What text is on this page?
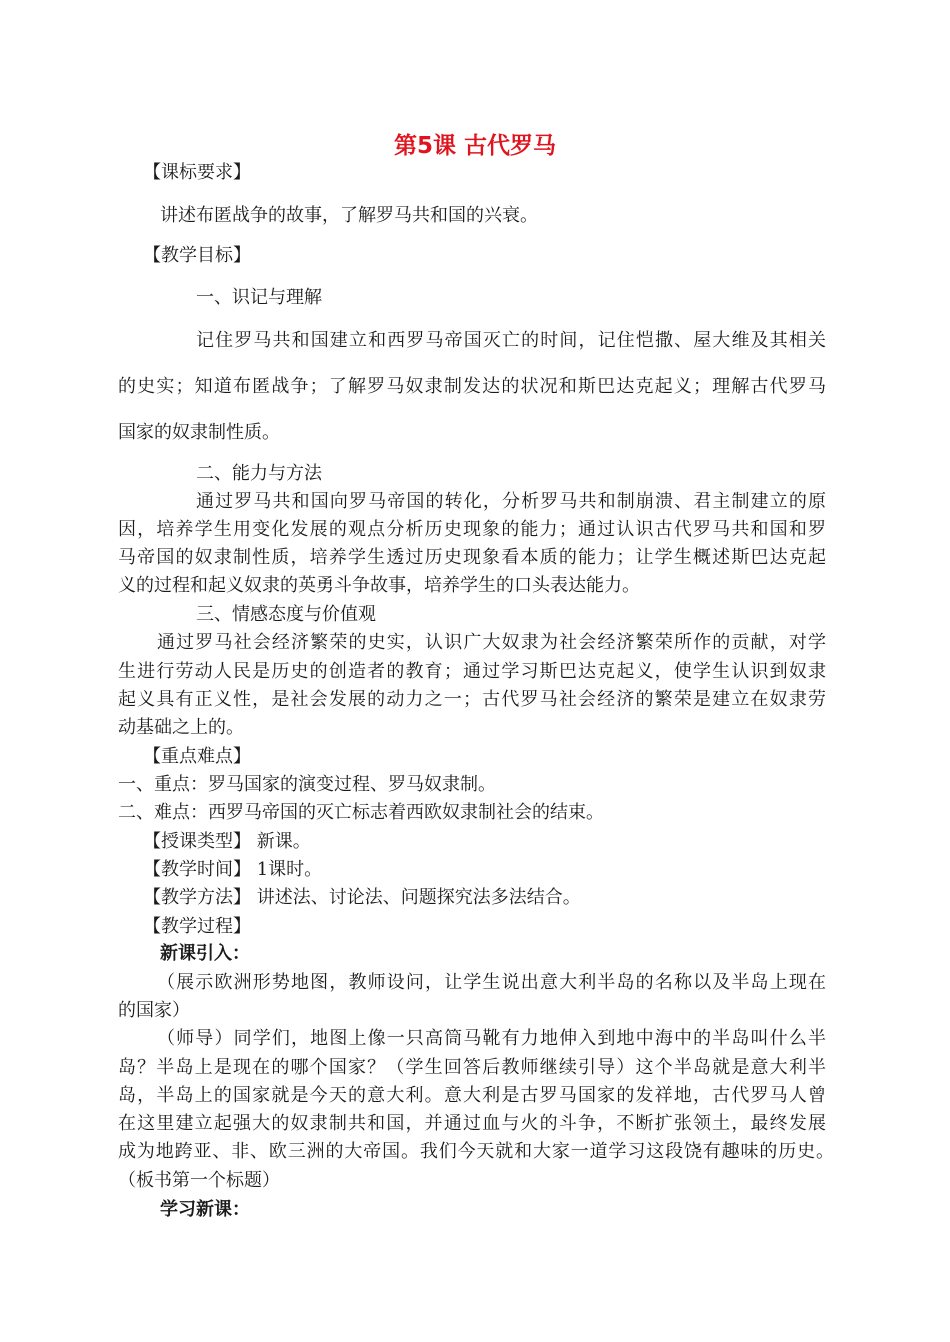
第5课 古代罗马
【课标要求】
讲述布匿战争的故事，了解罗马共和国的兴衰。
【教学目标】
一、识记与理解
记住罗马共和国建立和西罗马帝国灭亡的时间，记住恺撒、屋大维及其相关
的史实；知道布匿战争；了解罗马奴隶制发达的状况和斯巴达克起义；理解古代罗马
国家的奴隶制性质。
二、能力与方法
通过罗马共和国向罗马帝国的转化，分析罗马共和制崩溃、君主制建立的原
因，培养学生用变化发展的观点分析历史现象的能力；通过认识古代罗马共和国和罗
马帝国的奴隶制性质，培养学生透过历史现象看本质的能力；让学生概述斯巴达克起
义的过程和起义奴隶的英勇斗争故事，培养学生的口头表达能力。
三、情感态度与价值观
通过罗马社会经济繁荣的史实，认识广大奴隶为社会经济繁荣所作的贡献，对学
生进行劳动人民是历史的创造者的教育；通过学习斯巴达克起义，使学生认识到奴隶
起义具有正义性，是社会发展的动力之一；古代罗马社会经济的繁荣是建立在奴隶劳
动基础之上的。
【重点难点】
一、重点：罗马国家的演变过程、罗马奴隶制。
二、难点：西罗马帝国的灭亡标志着西欧奴隶制社会的结束。
【授课类型】 新课。
【教学时间】 1课时。
【教学方法】 讲述法、讨论法、问题探究法多法结合。
【教学过程】
新课引入：
（展示欧洲形势地图，教师设问，让学生说出意大利半岛的名称以及半岛上现在
的国家）
（师导）同学们，地图上像一只高筒马靴有力地伸入到地中海中的半岛叫什么半
岛？半岛上是现在的哪个国家？（学生回答后教师继续引导）这个半岛就是意大利半
岛，半岛上的国家就是今天的意大利。意大利是古罗马国家的发祥地，古代罗马人曾
在这里建立起强大的奴隶制共和国，并通过血与火的斗争，不断扩张领土，最终发展
成为地跨亚、非、欧三洲的大帝国。我们今天就和大家一道学习这段饶有趣味的历史。
（板书第一个标题）
学习新课：
